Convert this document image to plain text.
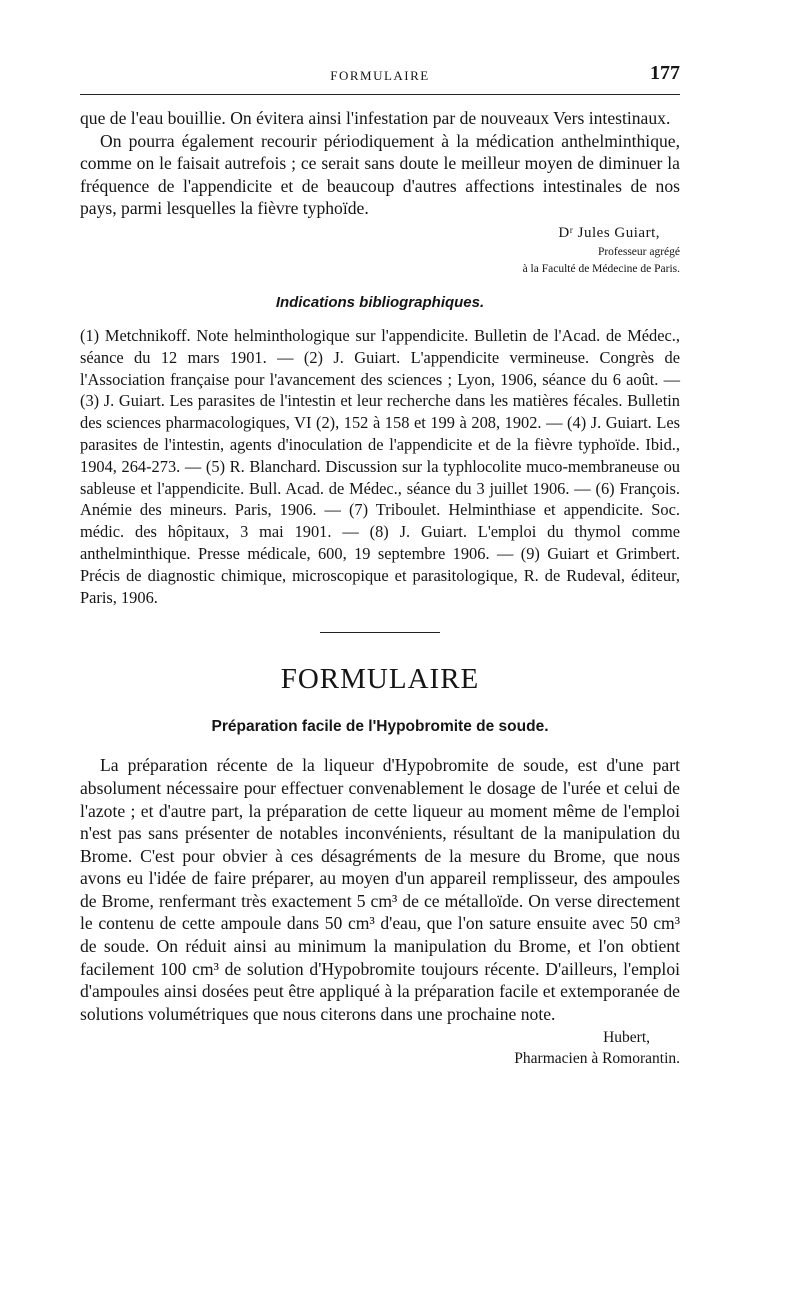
FORMULAIRE	177

que de l'eau bouillie. On évitera ainsi l'infestation par de nouveaux Vers intestinaux.

On pourra également recourir périodiquement à la médication anthelminthique, comme on le faisait autrefois ; ce serait sans doute le meilleur moyen de diminuer la fréquence de l'appendicite et de beaucoup d'autres affections intestinales de nos pays, parmi lesquelles la fièvre typhoïde.

Dʳ Jules Guiart,
Professeur agrégé
à la Faculté de Médecine de Paris.
Indications bibliographiques.

(1) Metchnikoff. Note helminthologique sur l'appendicite. Bulletin de l'Acad. de Médec., séance du 12 mars 1901. — (2) J. Guiart. L'appendicite vermineuse. Congrès de l'Association française pour l'avancement des sciences ; Lyon, 1906, séance du 6 août. — (3) J. Guiart. Les parasites de l'intestin et leur recherche dans les matières fécales. Bulletin des sciences pharmacologiques, VI (2), 152 à 158 et 199 à 208, 1902. — (4) J. Guiart. Les parasites de l'intestin, agents d'inoculation de l'appendicite et de la fièvre typhoïde. Ibid., 1904, 264-273. — (5) R. Blanchard. Discussion sur la typhlocolite muco-membraneuse ou sableuse et l'appendicite. Bull. Acad. de Médec., séance du 3 juillet 1906. — (6) François. Anémie des mineurs. Paris, 1906. — (7) Triboulet. Helminthiase et appendicite. Soc. médic. des hôpitaux, 3 mai 1901. — (8) J. Guiart. L'emploi du thymol comme anthelminthique. Presse médicale, 600, 19 septembre 1906. — (9) Guiart et Grimbert. Précis de diagnostic chimique, microscopique et parasitologique, R. de Rudeval, éditeur, Paris, 1906.

FORMULAIRE
Préparation facile de l'Hypobromite de soude.

La préparation récente de la liqueur d'Hypobromite de soude, est d'une part absolument nécessaire pour effectuer convenablement le dosage de l'urée et celui de l'azote ; et d'autre part, la préparation de cette liqueur au moment même de l'emploi n'est pas sans présenter de notables inconvénients, résultant de la manipulation du Brome. C'est pour obvier à ces désagréments de la mesure du Brome, que nous avons eu l'idée de faire préparer, au moyen d'un appareil remplisseur, des ampoules de Brome, renfermant très exactement 5 cm³ de ce métalloïde. On verse directement le contenu de cette ampoule dans 50 cm³ d'eau, que l'on sature ensuite avec 50 cm³ de soude. On réduit ainsi au minimum la manipulation du Brome, et l'on obtient facilement 100 cm³ de solution d'Hypobromite toujours récente. D'ailleurs, l'emploi d'ampoules ainsi dosées peut être appliqué à la préparation facile et extemporanée de solutions volumétriques que nous citerons dans une prochaine note.

Hubert,
Pharmacien à Romorantin.
